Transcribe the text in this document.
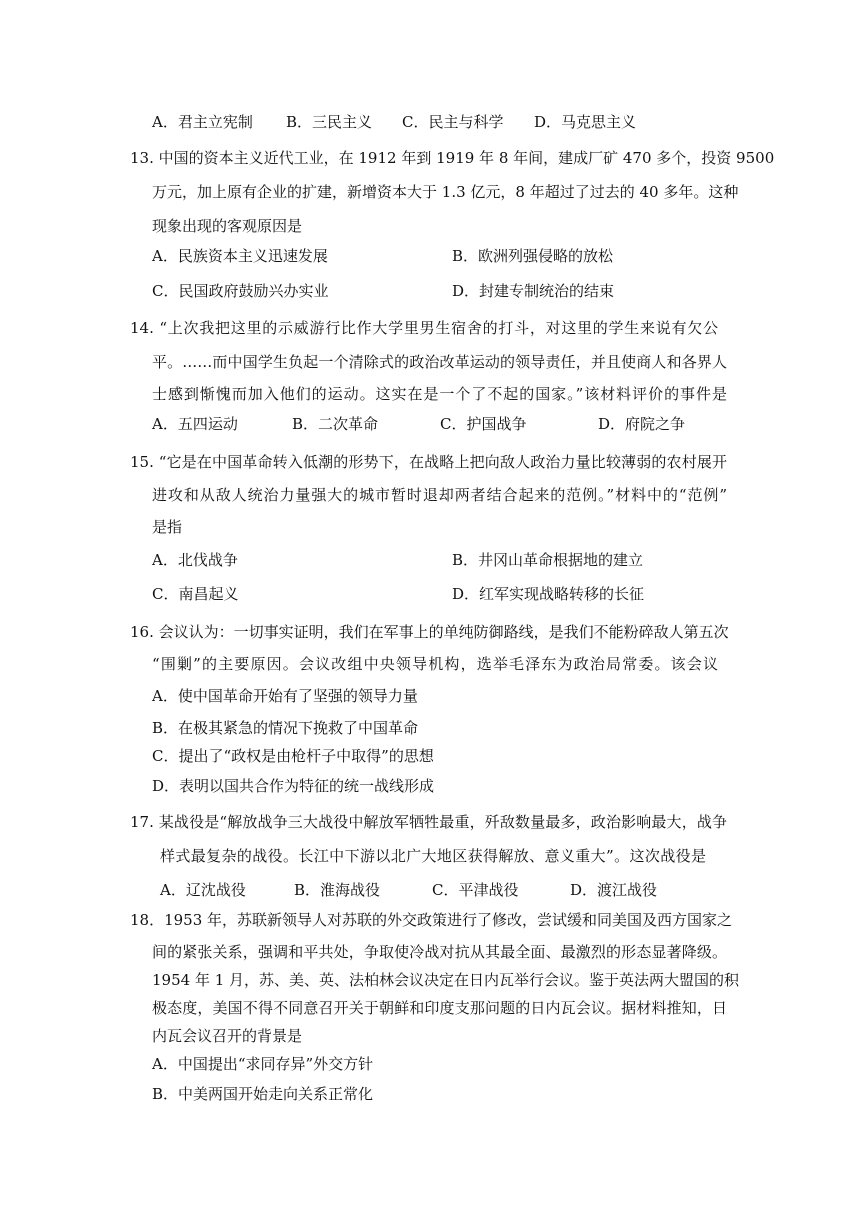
A．君主立宪制 B．三民主义 C．民主与科学 D．马克思主义
13. 中国的资本主义近代工业，在 1912 年到 1919 年 8 年间，建成厂矿 470 多个，投资 9500
万元，加上原有企业的扩建，新增资本大于 1.3 亿元，8 年超过了过去的 40 多年。这种
现象出现的客观原因是
A．民族资本主义迅速发展	B．欧洲列强侵略的放松
C．民国政府鼓励兴办实业	D．封建专制统治的结束
14. “上次我把这里的示威游行比作大学里男生宿舍的打斗，对这里的学生来说有欠公
平。……而中国学生负起一个清除式的政治改革运动的领导责任，并且使商人和各界人
士感到惭愧而加入他们的运动。这实在是一个了不起的国家。”该材料评价的事件是
A．五四运动	B．二次革命	C．护国战争	D．府院之争
15. “它是在中国革命转入低潮的形势下，在战略上把向敌人政治力量比较薄弱的农村展开
进攻和从敌人统治力量强大的城市暂时退却两者结合起来的范例。”材料中的“范例”
是指
A．北伐战争	B．井冈山革命根据地的建立
C．南昌起义	D．红军实现战略转移的长征
16. 会议认为：一切事实证明，我们在军事上的单纯防御路线，是我们不能粉碎敌人第五次
“围剿”的主要原因。会议改组中央领导机构，选举毛泽东为政治局常委。该会议
A．使中国革命开始有了坚强的领导力量
B．在极其紧急的情况下挽救了中国革命
C．提出了“政权是由枪杆子中取得”的思想
D．表明以国共合作为特征的统一战线形成
17. 某战役是“解放战争三大战役中解放军牺牲最重，歼敌数量最多，政治影响最大，战争
样式最复杂的战役。长江中下游以北广大地区获得解放、意义重大”。这次战役是
A．辽沈战役	B．淮海战役	C．平津战役	D．渡江战役
18．1953 年，苏联新领导人对苏联的外交政策进行了修改，尝试缓和同美国及西方国家之
间的紧张关系，强调和平共处，争取使冷战对抗从其最全面、最激烈的形态显著降级。
1954 年 1 月，苏、美、英、法柏林会议决定在日内瓦举行会议。鉴于英法两大盟国的积
极态度，美国不得不同意召开关于朝鲜和印度支那问题的日内瓦会议。据材料推知，日
内瓦会议召开的背景是
A．中国提出“求同存异”外交方针
B．中美两国开始走向关系正常化
